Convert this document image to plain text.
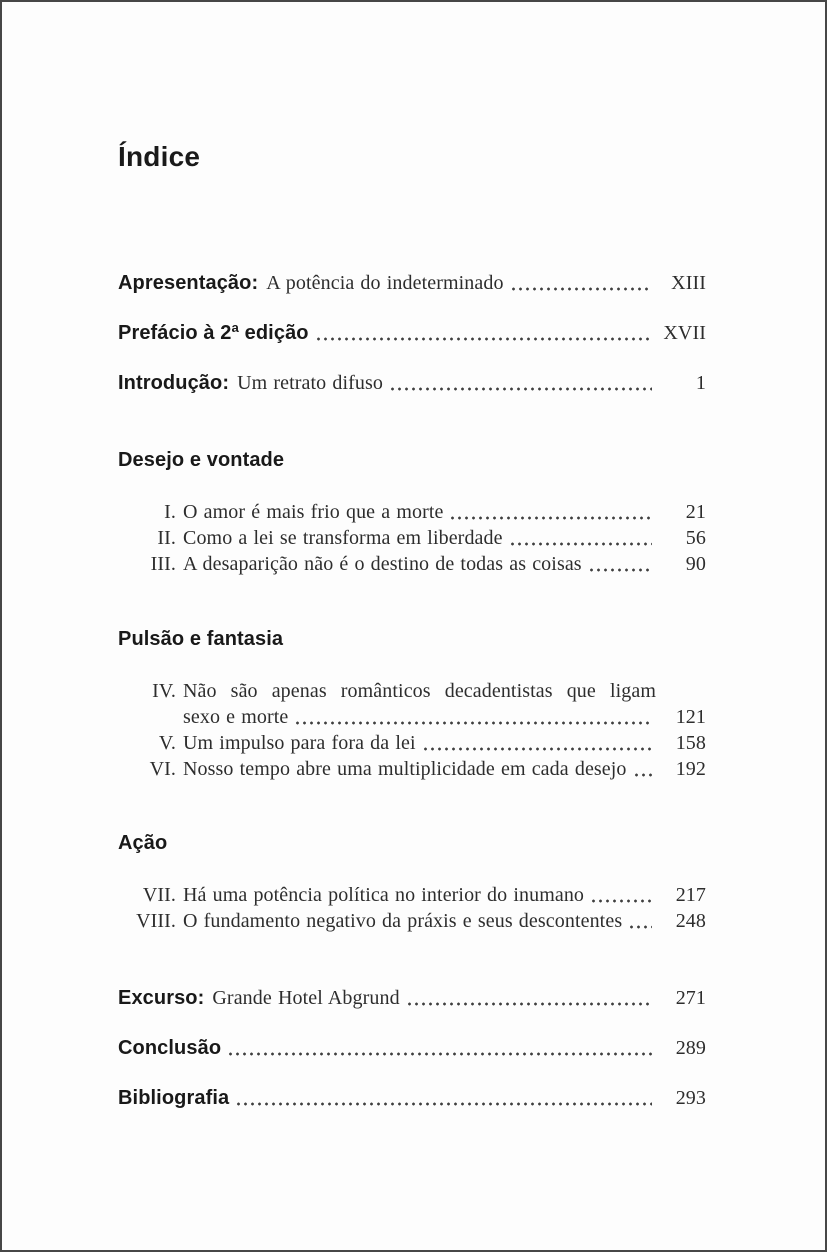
Índice
Apresentação: A potência do indeterminado	XIII
Prefácio à 2ª edição	XVII
Introdução: Um retrato difuso	1
Desejo e vontade
I. O amor é mais frio que a morte	21
II. Como a lei se transforma em liberdade	56
III. A desaparição não é o destino de todas as coisas	90
Pulsão e fantasia
IV. Não são apenas românticos decadentistas que ligam
sexo e morte	121
V. Um impulso para fora da lei	158
VI. Nosso tempo abre uma multiplicidade em cada desejo	192
Ação
VII. Há uma potência política no interior do inumano	217
VIII. O fundamento negativo da práxis e seus descontentes	248
Excurso: Grande Hotel Abgrund	271
Conclusão	289
Bibliografia	293
